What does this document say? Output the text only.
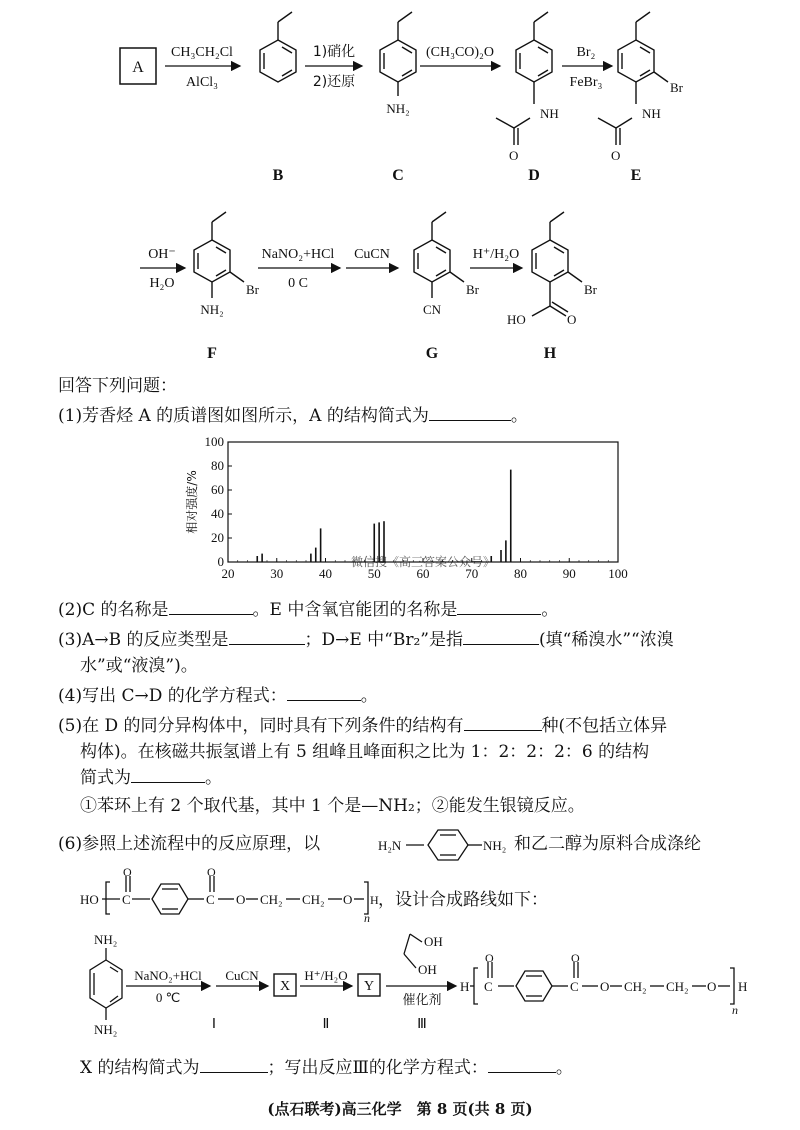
A
CH₃CH₂Cl
AlCl₃
1)硝化
2)还原
NH₂
(CH₃CO)₂O
NH
O
Br₂
FeBr₃	Br
NH
O
B	C	D	E
OH⁻
H₂O	Br
NH₂
NaNO₂+HCl
0 C
CuCN
Br
CN
H⁺/H₂O
Br
HO	O
F	G	H
回答下列问题：
(1)芳香烃 A 的质谱图如图所示，A 的结构简式为	。
20	30	40	50	60	70	80	90	100
0
20
40
60
80
100
相对强度/%
微信搜《高三答案公众号》
(2)C 的名称是	。E 中含氧官能团的名称是	。
(3)A→B 的反应类型是	；D→E 中“Br₂”是指	(填“稀溴水”“浓溴
水”或“液溴”)。
(4)写出 C→D 的化学方程式：	。
(5)在 D 的同分异构体中，同时具有下列条件的结构有	种(不包括立体异
构体)。在核磁共振氢谱上有 5 组峰且峰面积之比为 1：2：2：2：6 的结构
简式为	。
①苯环上有 2 个取代基，其中 1 个是—NH₂；②能发生银镜反应。
(6)参照上述流程中的反应原理，以	H₂N	NH₂ 和乙二醇为原料合成涤纶
HO C
O
C
O
O CH₂ CH₂ O H
n
，设计合成路线如下：
NH₂
NH₂
NaNO₂+HCl
0 ℃
CuCN
X
H⁺/H₂O
Y
OH
OH
催化剂
Ⅰ	Ⅱ	Ⅲ
H C
O
C
O
O CH₂ CH₂ O H
n
X 的结构简式为	；写出反应Ⅲ的化学方程式：	。
(点石联考)高三化学　第 8 页(共 8 页)
